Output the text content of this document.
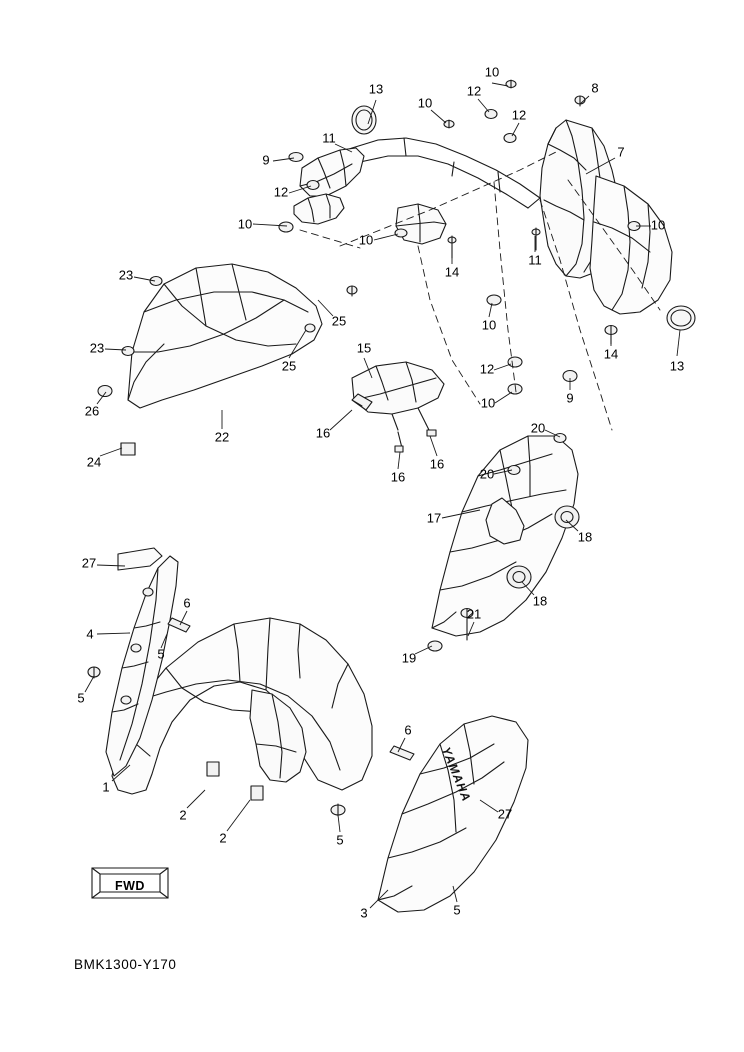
YAMAHA
FWD
13
10
8
10
12
12
11
7
9
12
10	10
10
14
11
23
25	10
14
13
23
25
15
12
26
10	9
22	16	20
24
20
16
16
17
18
27
18
6
4
21
5	19
5
6
1
2
2	5
27
3	5
BMK1300-Y170
